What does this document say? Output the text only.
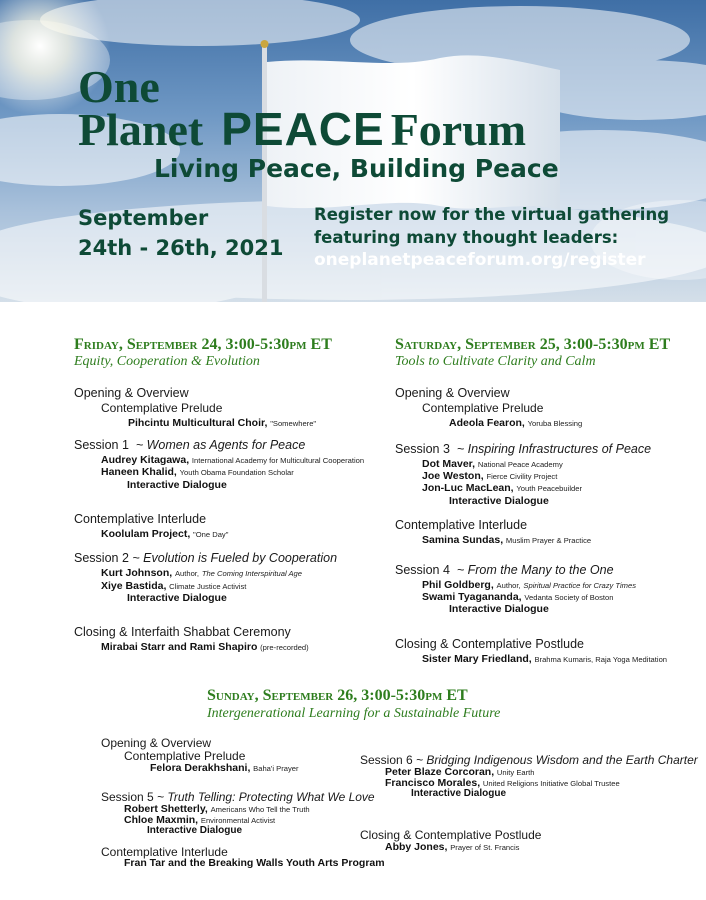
One
Planet PEACE Forum
Living Peace, Building Peace
September
24th - 26th, 2021
Register now for the virtual gathering
featuring many thought leaders:
oneplanetpeaceforum.org/register
Friday, September 24, 3:00-5:30pm ET
Equity, Cooperation & Evolution
Opening & Overview
Contemplative Prelude
Pihcintu Multicultural Choir, "Somewhere"
Session 1 ~ Women as Agents for Peace
Audrey Kitagawa, International Academy for Multicultural Cooperation
Haneen Khalid, Youth Obama Foundation Scholar
Interactive Dialogue
Contemplative Interlude
Koolulam Project, "One Day"
Session 2 ~ Evolution is Fueled by Cooperation
Kurt Johnson, Author, The Coming Interspiritual Age
Xiye Bastida, Climate Justice Activist
Interactive Dialogue
Closing & Interfaith Shabbat Ceremony
Mirabai Starr and Rami Shapiro (pre-recorded)
Saturday, September 25, 3:00-5:30pm ET
Tools to Cultivate Clarity and Calm
Opening & Overview
Contemplative Prelude
Adeola Fearon, Yoruba Blessing
Session 3 ~ Inspiring Infrastructures of Peace
Dot Maver, National Peace Academy
Joe Weston, Fierce Civility Project
Jon-Luc MacLean, Youth Peacebuilder
Interactive Dialogue
Contemplative Interlude
Samina Sundas, Muslim Prayer & Practice
Session 4 ~ From the Many to the One
Phil Goldberg, Author, Spiritual Practice for Crazy Times
Swami Tyagananda, Vedanta Society of Boston
Interactive Dialogue
Closing & Contemplative Postlude
Sister Mary Friedland, Brahma Kumaris, Raja Yoga Meditation
Sunday, September 26, 3:00-5:30pm ET
Intergenerational Learning for a Sustainable Future
Opening & Overview
Contemplative Prelude
Felora Derakhshani, Baha'i Prayer
Session 5 ~ Truth Telling: Protecting What We Love
Robert Shetterly, Americans Who Tell the Truth
Chloe Maxmin, Environmental Activist
Interactive Dialogue
Contemplative Interlude
Fran Tar and the Breaking Walls Youth Arts Program
Session 6 ~ Bridging Indigenous Wisdom and the Earth Charter
Peter Blaze Corcoran, Unity Earth
Francisco Morales, United Religions Initiative Global Trustee
Interactive Dialogue
Closing & Contemplative Postlude
Abby Jones, Prayer of St. Francis
